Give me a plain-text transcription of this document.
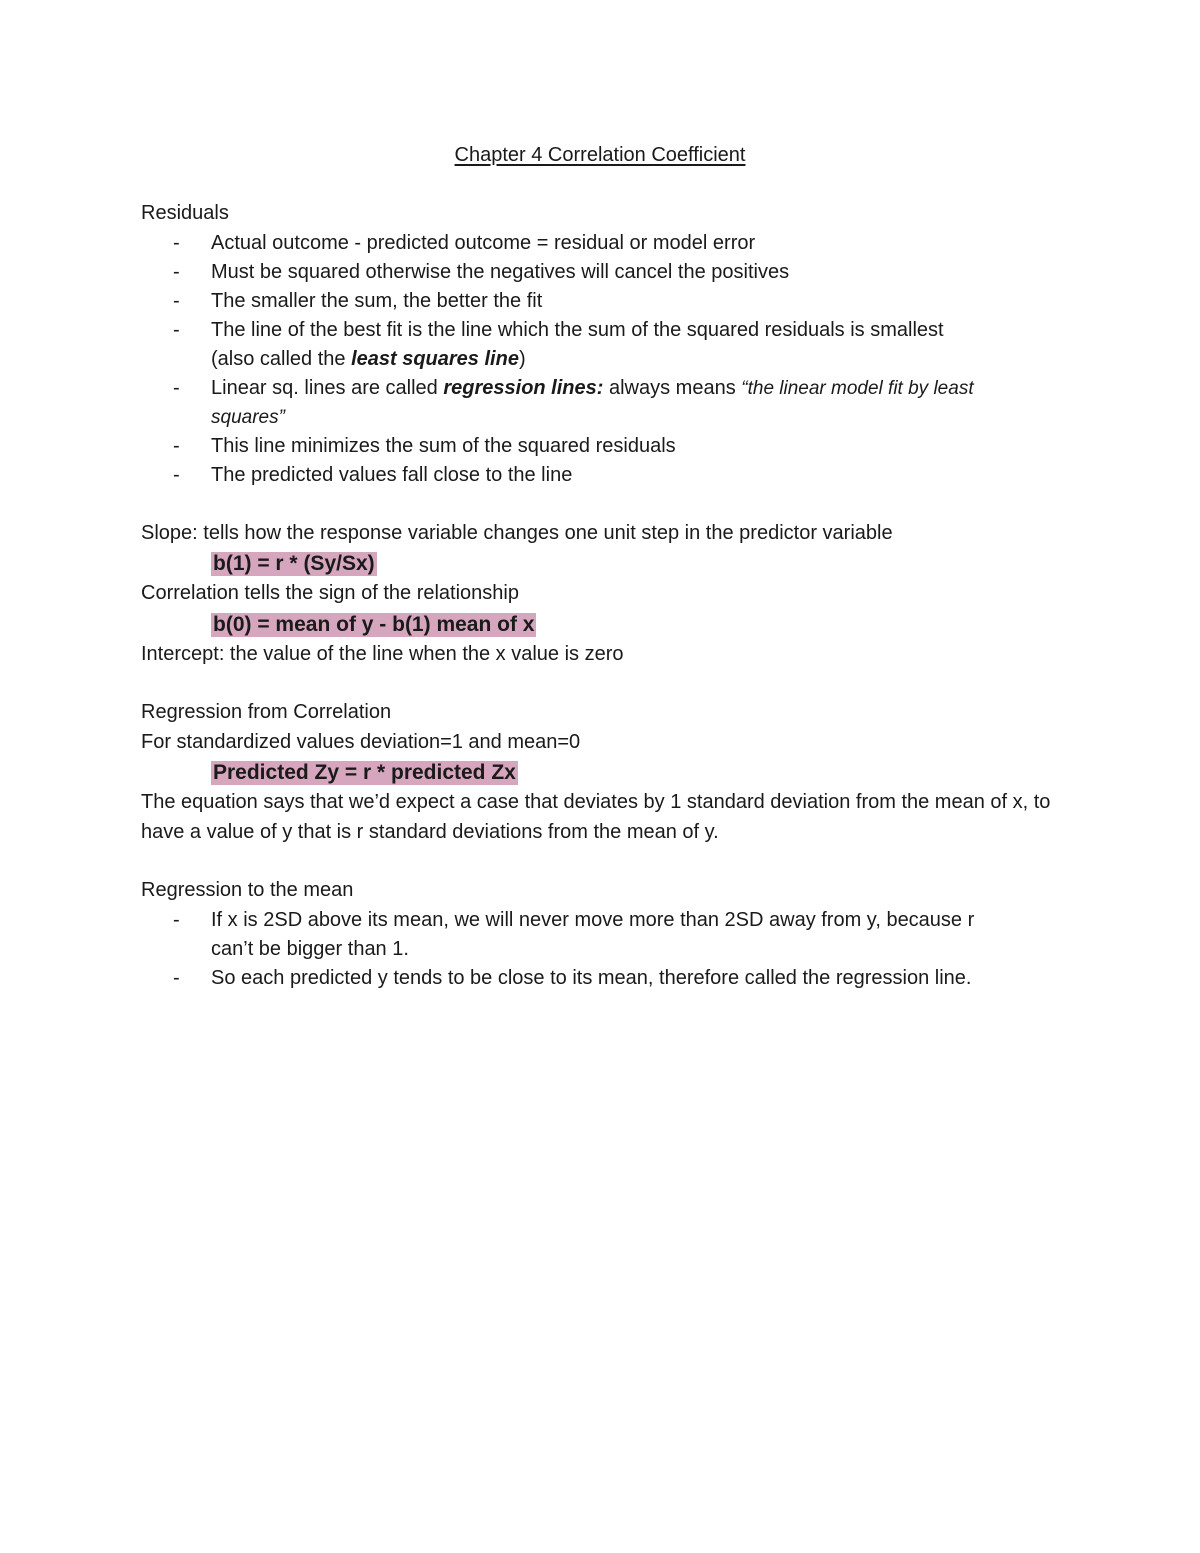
Chapter 4 Correlation Coefficient
Residuals
- Actual outcome - predicted outcome = residual or model error
- Must be squared otherwise the negatives will cancel the positives
- The smaller the sum, the better the fit
- The line of the best fit is the line which the sum of the squared residuals is smallest (also called the least squares line)
- Linear sq. lines are called regression lines: always means “the linear model fit by least squares”
- This line minimizes the sum of the squared residuals
- The predicted values fall close to the line
Slope: tells how the response variable changes one unit step in the predictor variable
b(1) = r * (Sy/Sx)
Correlation tells the sign of the relationship
b(0) = mean of y - b(1) mean of x
Intercept: the value of the line when the x value is zero
Regression from Correlation
For standardized values deviation=1 and mean=0
Predicted Zy = r * predicted Zx
The equation says that we’d expect a case that deviates by 1 standard deviation from the mean of x, to have a value of y that is r standard deviations from the mean of y.
Regression to the mean
- If x is 2SD above its mean, we will never move more than 2SD away from y, because r can’t be bigger than 1.
- So each predicted y tends to be close to its mean, therefore called the regression line.
